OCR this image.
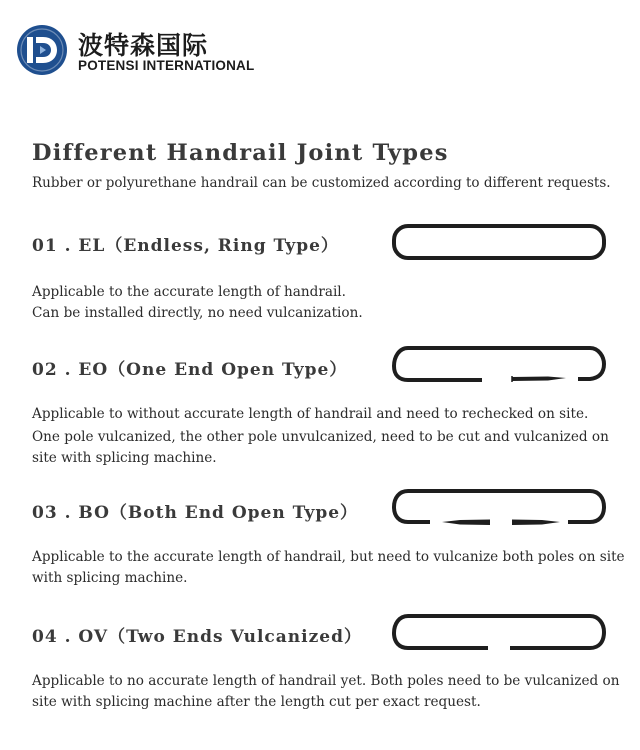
波特森国际
POTENSI INTERNATIONAL
Different Handrail Joint Types
Rubber or polyurethane handrail can be customized according to different requests.
01 . EL（Endless, Ring Type）
Applicable to the accurate length of handrail.
Can be installed directly, no need vulcanization.
02 . EO（One End Open Type）
Applicable to without accurate length of handrail and need to rechecked on site.
One pole vulcanized, the other pole unvulcanized, need to be cut and vulcanized on
site with splicing machine.
03 . BO（Both End Open Type）
Applicable to the accurate length of handrail, but need to vulcanize both poles on site
with splicing machine.
04 . OV（Two Ends Vulcanized）
Applicable to no accurate length of handrail yet. Both poles need to be vulcanized on
site with splicing machine after the length cut per exact request.
